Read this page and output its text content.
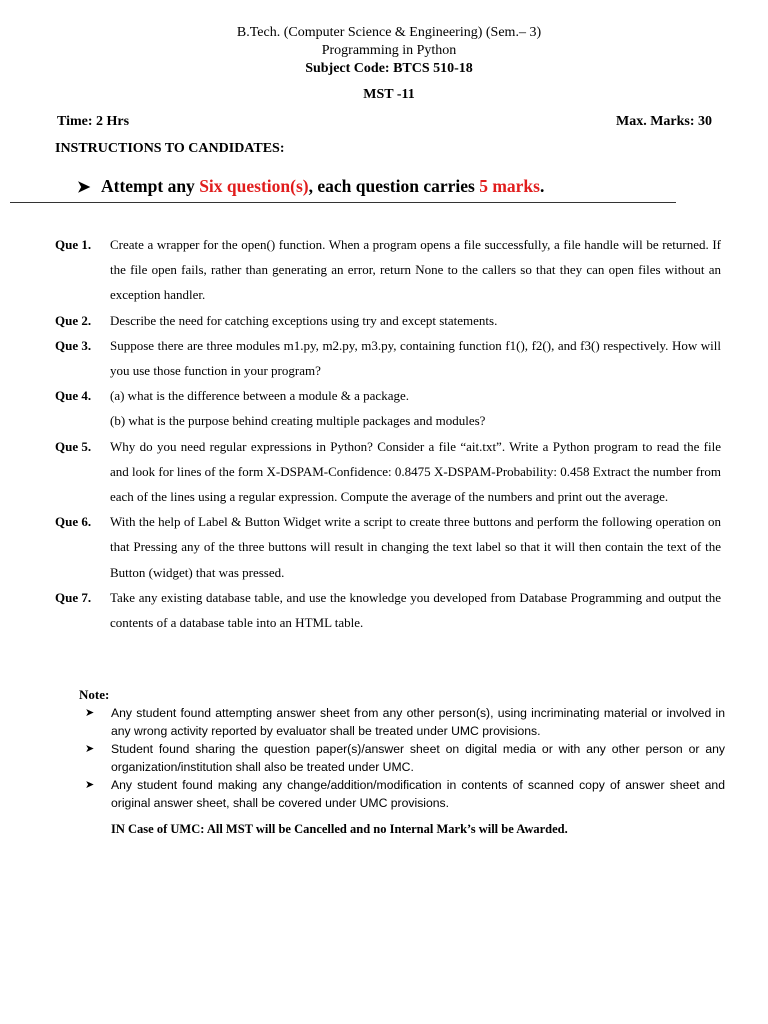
B.Tech. (Computer Science & Engineering) (Sem.– 3)
Programming in Python
Subject Code: BTCS 510-18
MST -11
Time: 2 Hrs	Max. Marks: 30
INSTRUCTIONS TO CANDIDATES:
➤ Attempt any Six question(s), each question carries 5 marks.
Que 1.	Create a wrapper for the open() function. When a program opens a file successfully, a file handle will be returned. If the file open fails, rather than generating an error, return None to the callers so that they can open files without an exception handler.

Que 2.	Describe the need for catching exceptions using try and except statements.

Que 3.	Suppose there are three modules m1.py, m2.py, m3.py, containing function f1(), f2(), and f3() respectively. How will you use those function in your program?

Que 4.	(a) what is the difference between a module & a package.

(b) what is the purpose behind creating multiple packages and modules?

Que 5.	Why do you need regular expressions in Python? Consider a file “ait.txt”. Write a Python program to read the file and look for lines of the form X-DSPAM-Confidence: 0.8475 X-DSPAM-Probability: 0.458 Extract the number from each of the lines using a regular expression. Compute the average of the numbers and print out the average.

Que 6.	With the help of Label & Button Widget write a script to create three buttons and perform the following operation on that Pressing any of the three buttons will result in changing the text label so that it will then contain the text of the Button (widget) that was pressed.

Que 7.	Take any existing database table, and use the knowledge you developed from Database Programming and output the contents of a database table into an HTML table.

Note:
➤	Any student found attempting answer sheet from any other person(s), using incriminating material or involved in any wrong activity reported by evaluator shall be treated under UMC provisions.
➤	Student found sharing the question paper(s)/answer sheet on digital media or with any other person or any organization/institution shall also be treated under UMC.
➤	Any student found making any change/addition/modification in contents of scanned copy of answer sheet and original answer sheet, shall be covered under UMC provisions.
IN Case of UMC: All MST will be Cancelled and no Internal Mark’s will be Awarded.
